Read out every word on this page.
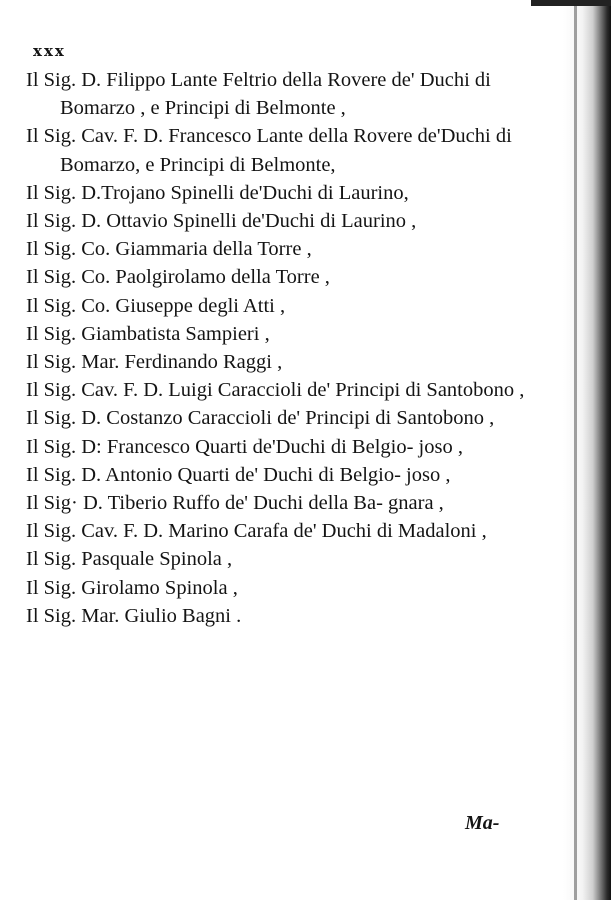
xxx
Il Sig. D. Filippo Lante Feltrio della Rovere de' Duchi di Bomarzo , e Principi di Belmonte ,
Il Sig. Cav. F. D. Francesco Lante della Rovere de'Duchi di Bomarzo, e Principi di Belmonte,
Il Sig. D.Trojano Spinelli de'Duchi di Laurino,
Il Sig. D. Ottavio Spinelli de'Duchi di Laurino ,
Il Sig. Co. Giammaria della Torre ,
Il Sig. Co. Paolgirolamo della Torre ,
Il Sig. Co. Giuseppe degli Atti ,
Il Sig. Giambatista Sampieri ,
Il Sig. Mar. Ferdinando Raggi ,
Il Sig. Cav. F. D. Luigi Caraccioli de' Principi di Santobono ,
Il Sig. D. Costanzo Caraccioli de' Principi di Santobono ,
Il Sig. D: Francesco Quarti de'Duchi di Belgio- joso ,
Il Sig. D. Antonio Quarti de' Duchi di Belgio- joso ,
Il Sig· D. Tiberio Ruffo de' Duchi della Ba- gnara ,
Il Sig. Cav. F. D. Marino Carafa de' Duchi di Madaloni ,
Il Sig. Pasquale Spinola ,
Il Sig. Girolamo Spinola ,
Il Sig. Mar. Giulio Bagni .
Ma-
